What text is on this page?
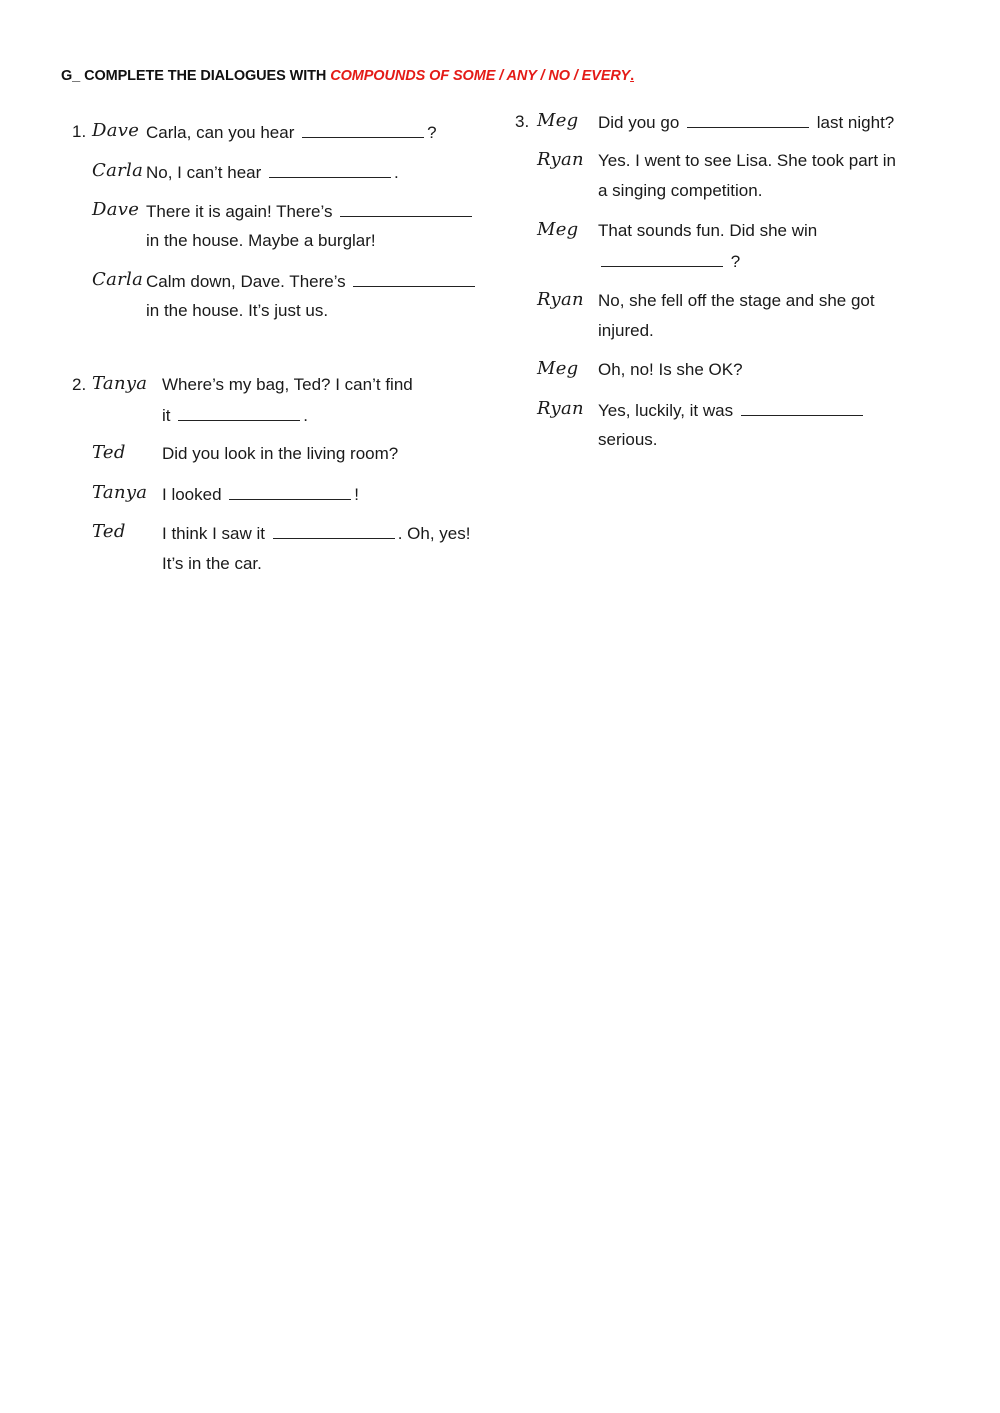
G_ COMPLETE THE DIALOGUES WITH COMPOUNDS OF SOME / ANY / NO / EVERY.
1. Dave Carla, can you hear	?
Carla No, I can’t hear	.
Dave There it is again! There’s
in the house. Maybe a burglar!
Carla Calm down, Dave. There’s
in the house. It’s just us.
2. Tanya Where’s my bag, Ted? I can’t find
it	.
Ted Did you look in the living room?
Tanya I looked	!
Ted I think I saw it	. Oh, yes!
It’s in the car.
3. Meg Did you go	last night?
Ryan Yes. I went to see Lisa. She took part in
a singing competition.
Meg That sounds fun. Did she win
?
Ryan No, she fell off the stage and she got
injured.
Meg Oh, no! Is she OK?
Ryan Yes, luckily, it was
serious.
